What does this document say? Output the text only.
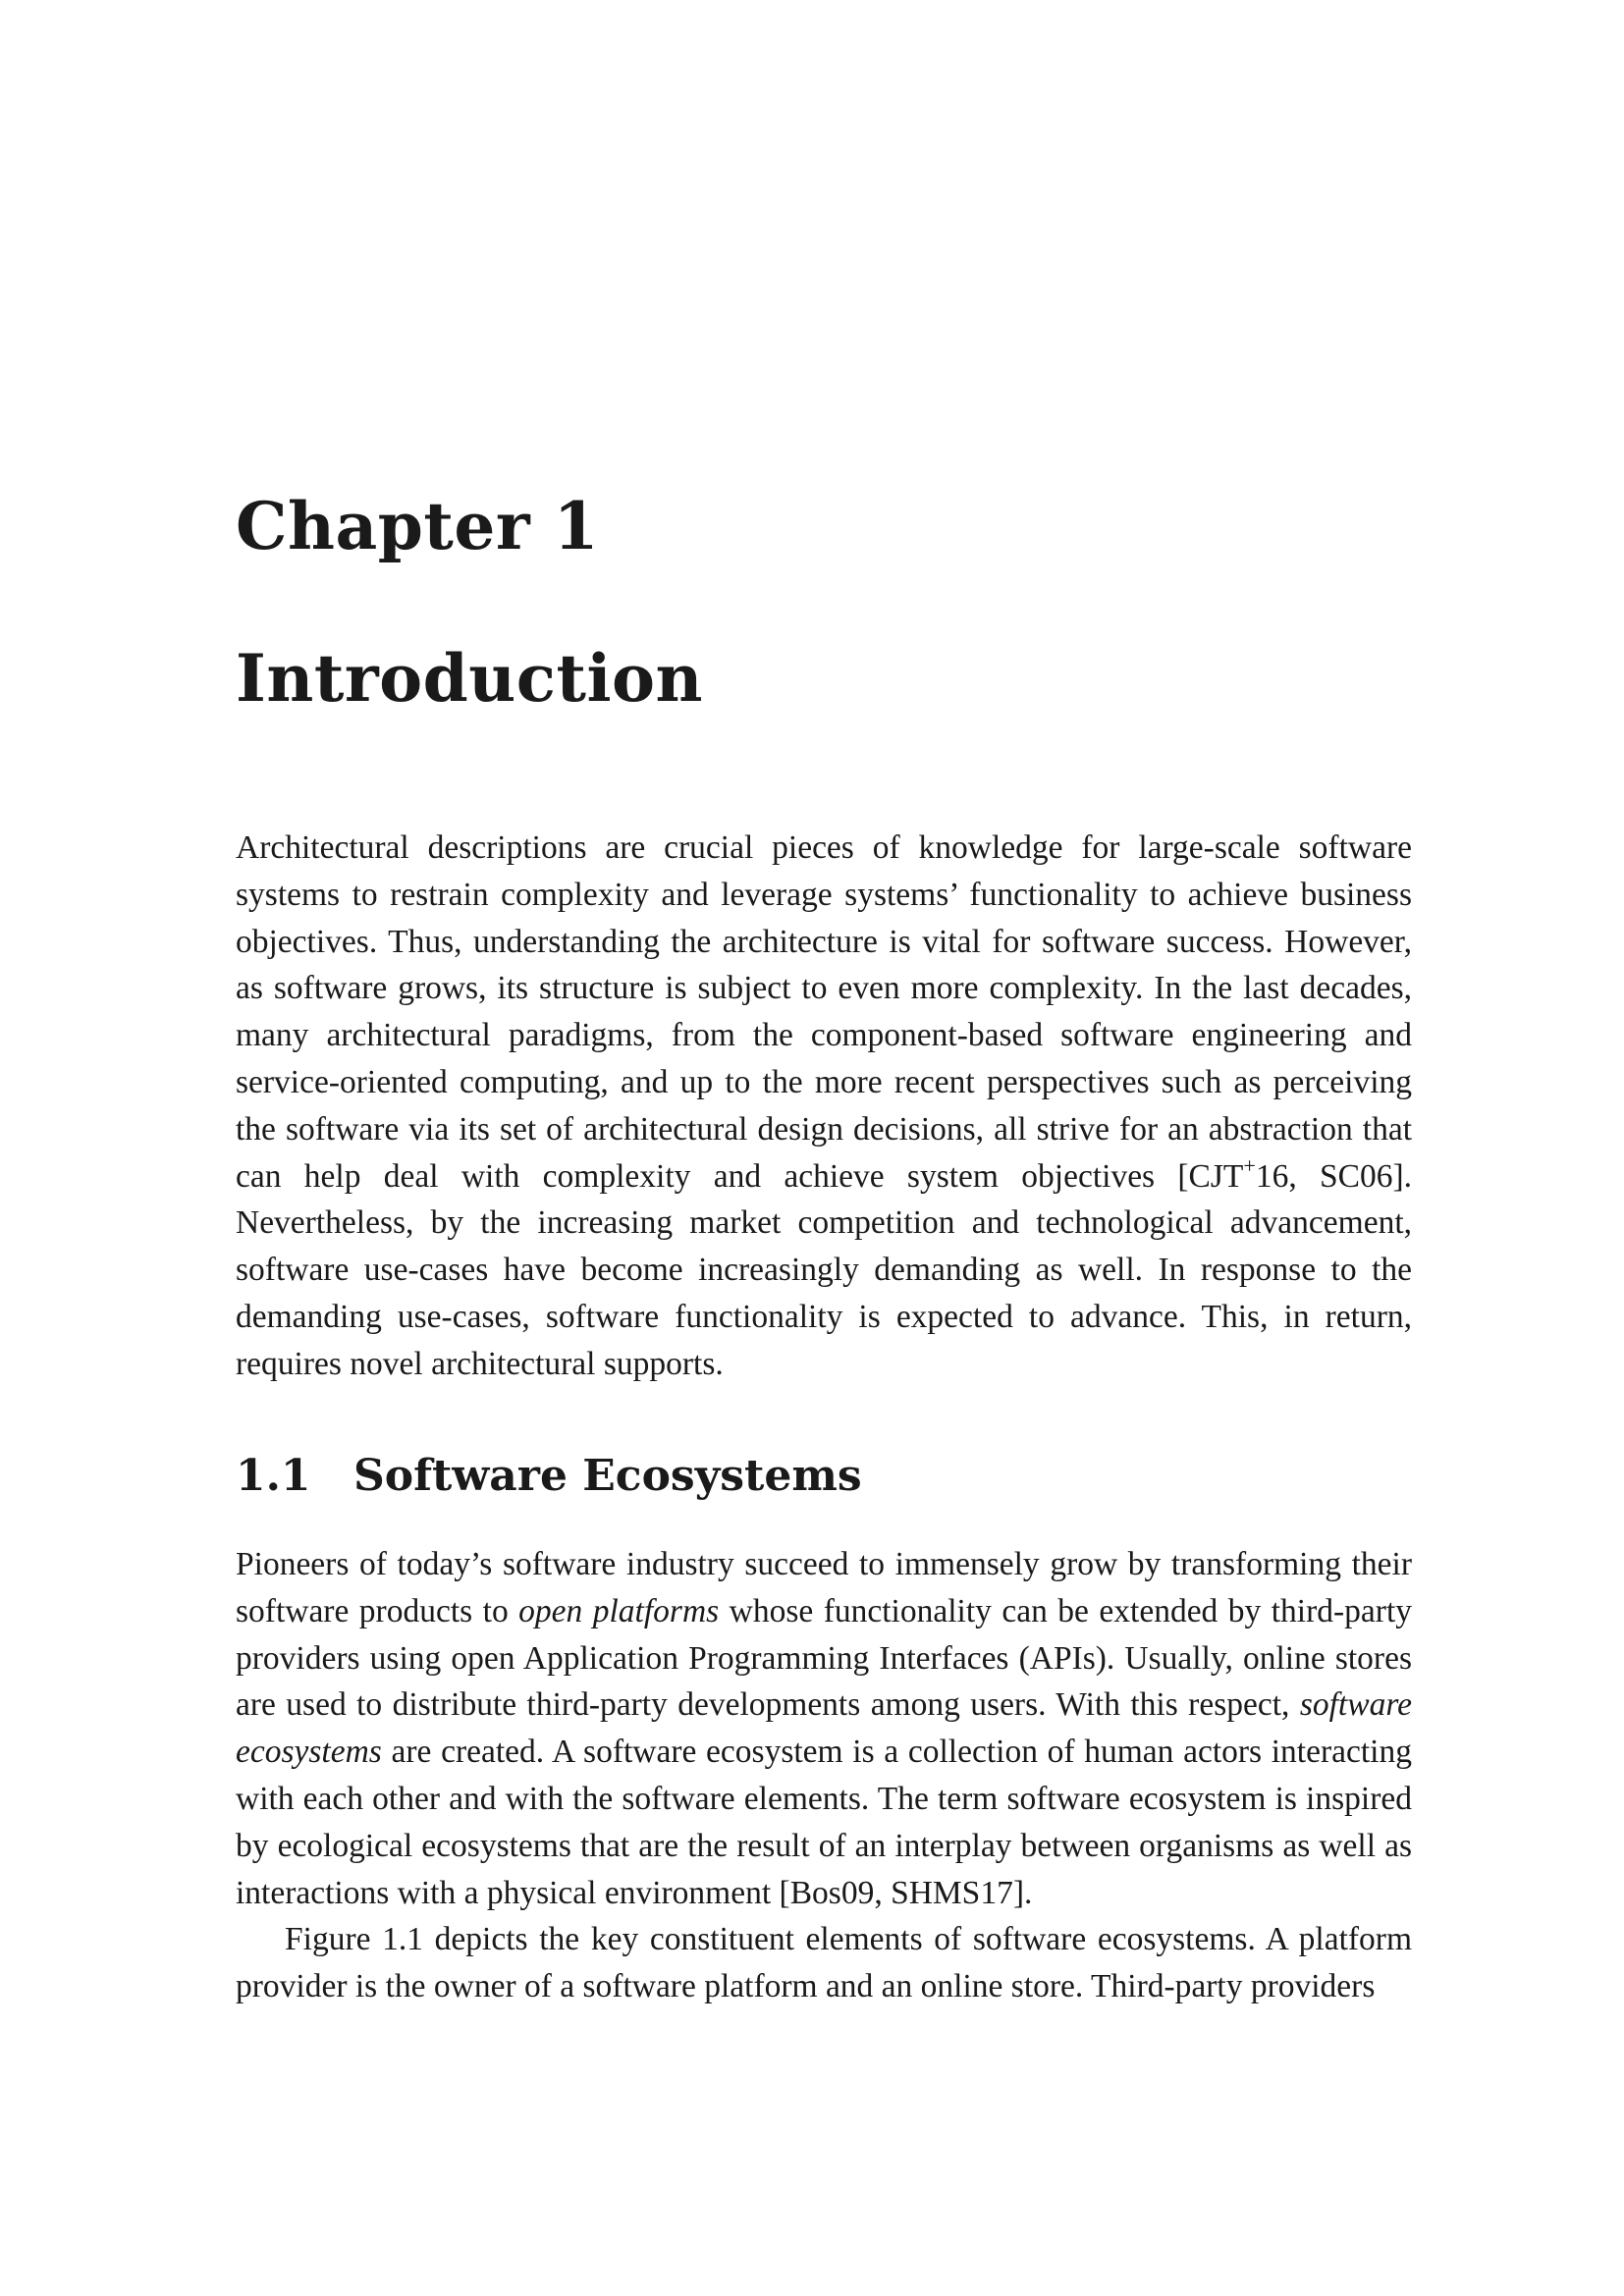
Chapter 1
Introduction

Architectural descriptions are crucial pieces of knowledge for large-scale software systems to restrain complexity and leverage systems’ functionality to achieve business objectives. Thus, understanding the architecture is vital for software success. However, as software grows, its structure is subject to even more complexity. In the last decades, many architectural paradigms, from the component-based software engineering and service-oriented computing, and up to the more recent perspectives such as perceiving the software via its set of architectural design decisions, all strive for an abstraction that can help deal with complexity and achieve system objectives [CJT+16, SC06]. Nevertheless, by the increasing market competition and technological advancement, software use-cases have become increasingly demanding as well. In response to the demanding use-cases, software functionality is expected to advance. This, in return, requires novel architectural supports.

1.1 Software Ecosystems

Pioneers of today’s software industry succeed to immensely grow by transforming their software products to open platforms whose functionality can be extended by third-party providers using open Application Programming Interfaces (APIs). Usually, online stores are used to distribute third-party developments among users. With this respect, software ecosystems are created. A software ecosystem is a collection of human actors interacting with each other and with the software elements. The term software ecosystem is inspired by ecological ecosystems that are the result of an interplay between organisms as well as interactions with a physical environment [Bos09, SHMS17].

Figure 1.1 depicts the key constituent elements of software ecosystems. A platform provider is the owner of a software platform and an online store. Third-party providers
